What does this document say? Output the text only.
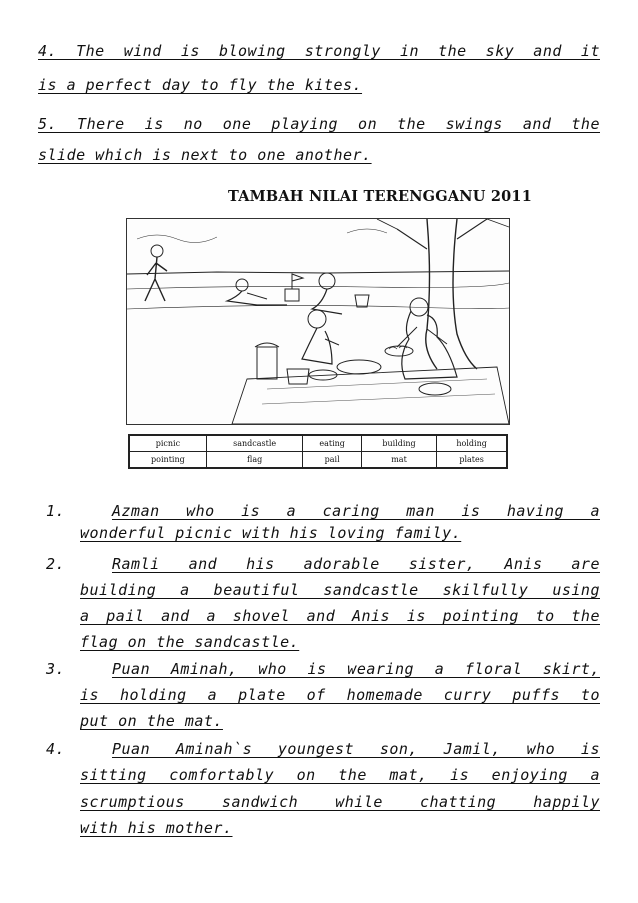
4. The wind is blowing strongly in the sky and it
is a perfect day to fly the kites.
5. There is no one playing on the swings and the
slide which is next to one another.
TAMBAH NILAI TERENGGANU 2011
picnic	sandcastle	eating	building	holding
pointing	flag	pail	mat	plates
1.	Azman who is a caring man is having a
wonderful picnic with his loving family.
2.	Ramli and his adorable sister, Anis are
building a beautiful sandcastle skilfully using
a pail and a shovel and Anis is pointing to the
flag on the sandcastle.
3.	Puan Aminah, who is wearing a floral skirt,
is holding a plate of homemade curry puffs to
put on the mat.
4.	Puan Aminah`s youngest son, Jamil, who is
sitting comfortably on the mat, is enjoying a
scrumptious sandwich while chatting happily
with his mother.
